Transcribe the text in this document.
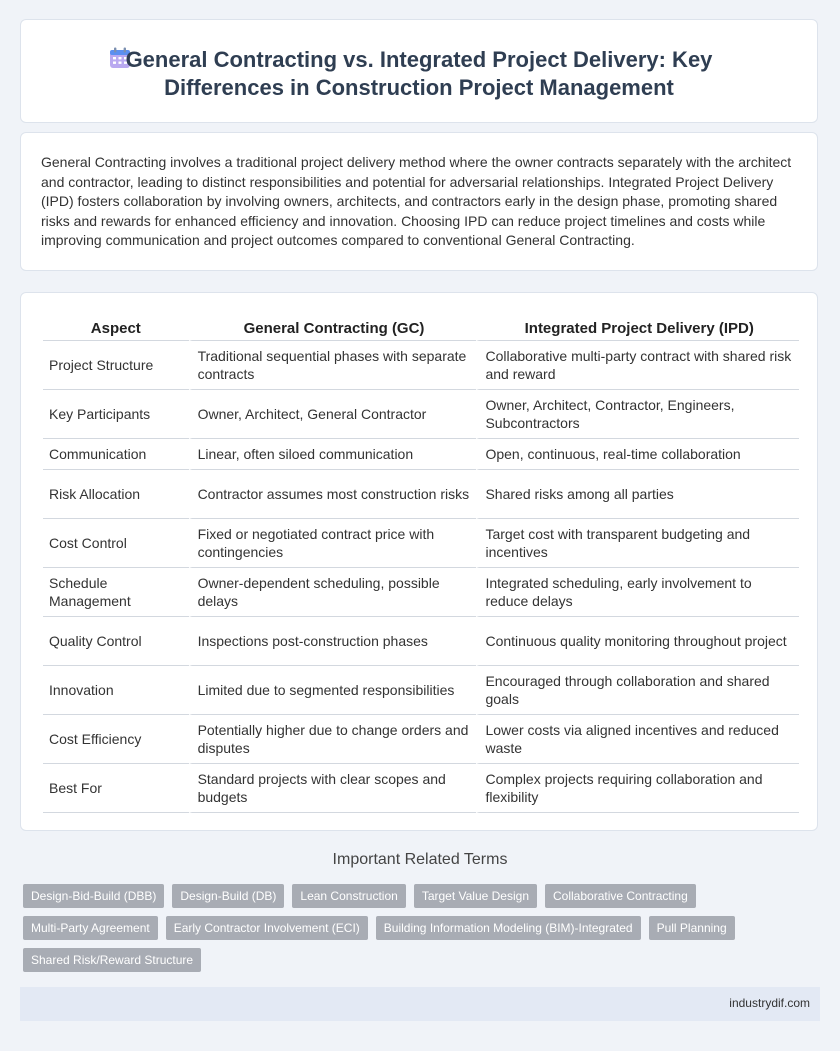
General Contracting vs. Integrated Project Delivery: Key Differences in Construction Project Management

General Contracting involves a traditional project delivery method where the owner contracts separately with the architect and contractor, leading to distinct responsibilities and potential for adversarial relationships. Integrated Project Delivery (IPD) fosters collaboration by involving owners, architects, and contractors early in the design phase, promoting shared risks and rewards for enhanced efficiency and innovation. Choosing IPD can reduce project timelines and costs while improving communication and project outcomes compared to conventional General Contracting.

Aspect	General Contracting (GC)	Integrated Project Delivery (IPD)
Project Structure	Traditional sequential phases with separate contracts	Collaborative multi-party contract with shared risk and reward
Key Participants	Owner, Architect, General Contractor	Owner, Architect, Contractor, Engineers, Subcontractors
Communication	Linear, often siloed communication	Open, continuous, real-time collaboration
Risk Allocation	Contractor assumes most construction risks	Shared risks among all parties
Cost Control	Fixed or negotiated contract price with contingencies	Target cost with transparent budgeting and incentives
Schedule Management	Owner-dependent scheduling, possible delays	Integrated scheduling, early involvement to reduce delays
Quality Control	Inspections post-construction phases	Continuous quality monitoring throughout project
Innovation	Limited due to segmented responsibilities	Encouraged through collaboration and shared goals
Cost Efficiency	Potentially higher due to change orders and disputes	Lower costs via aligned incentives and reduced waste
Best For	Standard projects with clear scopes and budgets	Complex projects requiring collaboration and flexibility
Important Related Terms
Design-Bid-Build (DBB)	Design-Build (DB)	Lean Construction	Target Value Design	Collaborative Contracting
Multi-Party Agreement	Early Contractor Involvement (ECI)	Building Information Modeling (BIM)-Integrated	Pull Planning
Shared Risk/Reward Structure
industrydif.com
